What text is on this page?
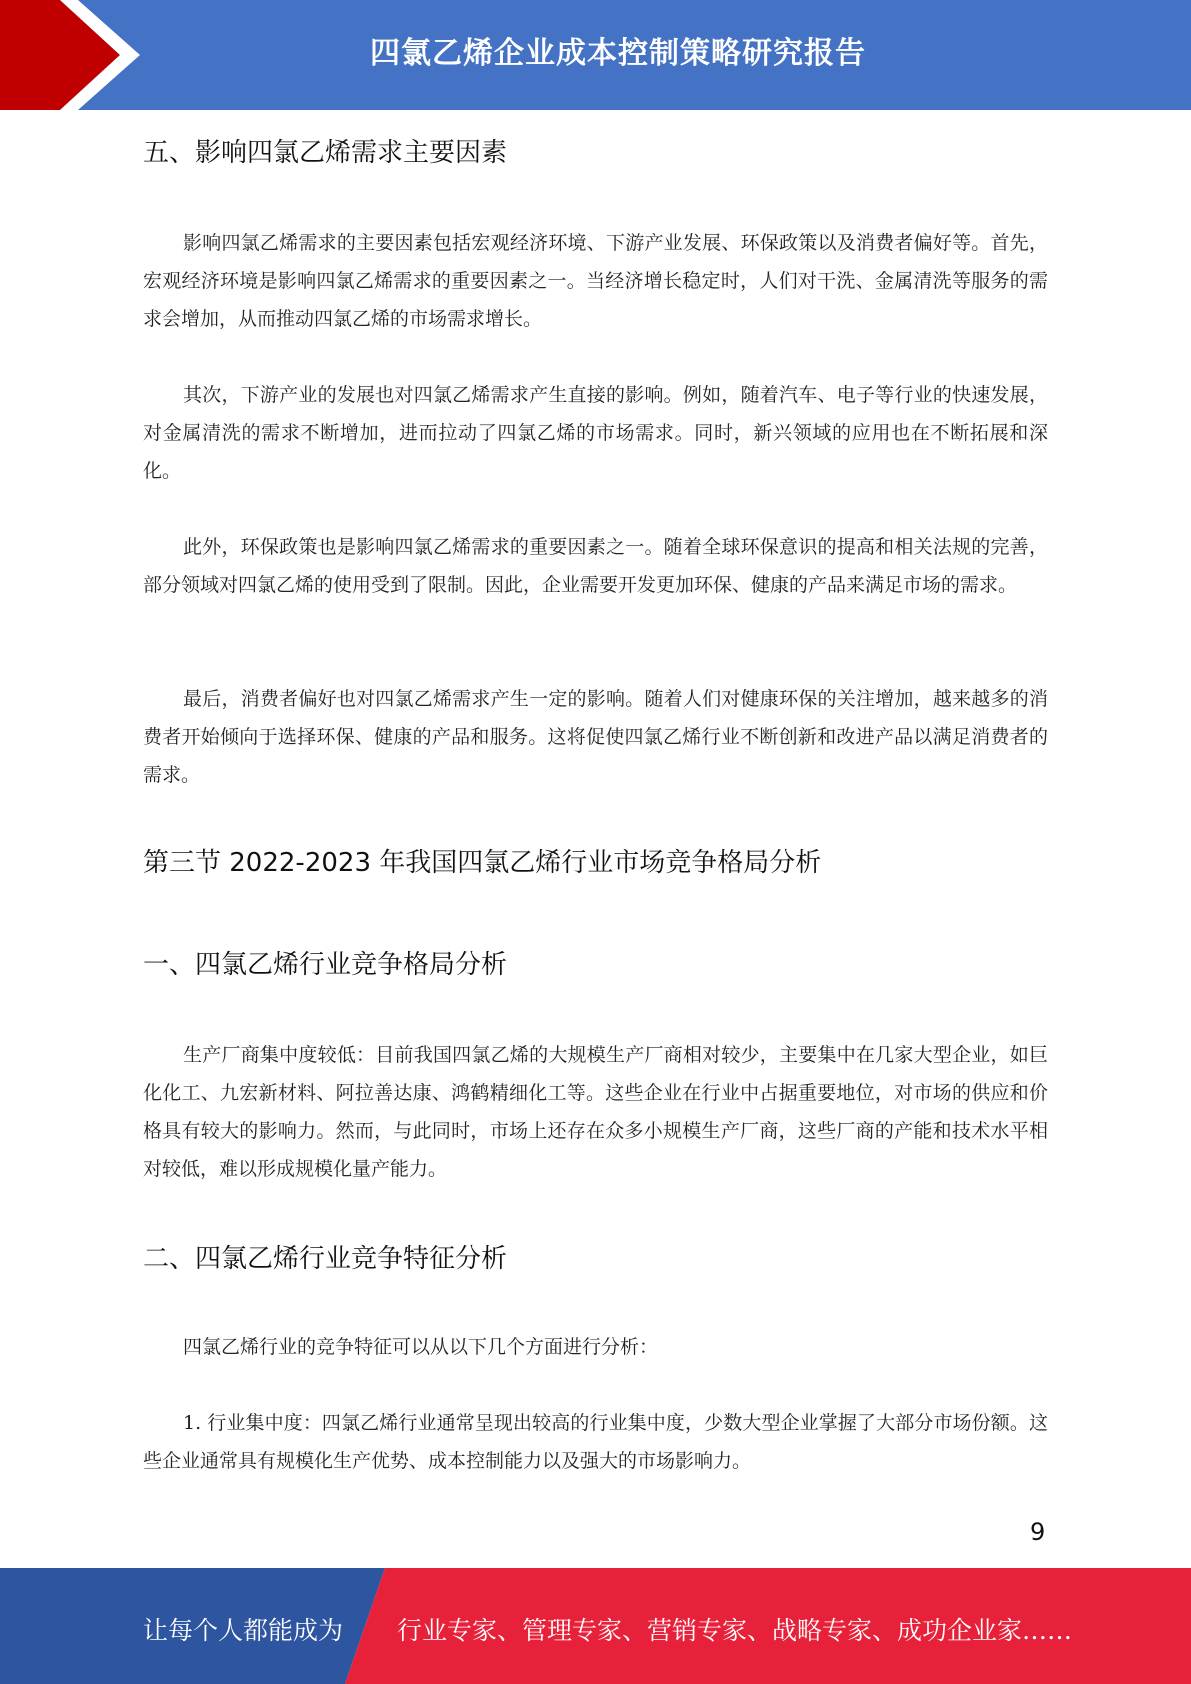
四氯乙烯企业成本控制策略研究报告
五、影响四氯乙烯需求主要因素
影响四氯乙烯需求的主要因素包括宏观经济环境、下游产业发展、环保政策以及消费者偏好等。首先，宏观经济环境是影响四氯乙烯需求的重要因素之一。当经济增长稳定时，人们对干洗、金属清洗等服务的需求会增加，从而推动四氯乙烯的市场需求增长。
其次，下游产业的发展也对四氯乙烯需求产生直接的影响。例如，随着汽车、电子等行业的快速发展，对金属清洗的需求不断增加，进而拉动了四氯乙烯的市场需求。同时，新兴领域的应用也在不断拓展和深化。
此外，环保政策也是影响四氯乙烯需求的重要因素之一。随着全球环保意识的提高和相关法规的完善，部分领域对四氯乙烯的使用受到了限制。因此，企业需要开发更加环保、健康的产品来满足市场的需求。
最后，消费者偏好也对四氯乙烯需求产生一定的影响。随着人们对健康环保的关注增加，越来越多的消费者开始倾向于选择环保、健康的产品和服务。这将促使四氯乙烯行业不断创新和改进产品以满足消费者的需求。
第三节 2022-2023 年我国四氯乙烯行业市场竞争格局分析
一、四氯乙烯行业竞争格局分析
生产厂商集中度较低：目前我国四氯乙烯的大规模生产厂商相对较少，主要集中在几家大型企业，如巨化化工、九宏新材料、阿拉善达康、鸿鹤精细化工等。这些企业在行业中占据重要地位，对市场的供应和价格具有较大的影响力。然而，与此同时，市场上还存在众多小规模生产厂商，这些厂商的产能和技术水平相对较低，难以形成规模化量产能力。
二、四氯乙烯行业竞争特征分析
四氯乙烯行业的竞争特征可以从以下几个方面进行分析：
1. 行业集中度：四氯乙烯行业通常呈现出较高的行业集中度，少数大型企业掌握了大部分市场份额。这些企业通常具有规模化生产优势、成本控制能力以及强大的市场影响力。
9
让每个人都能成为 行业专家、管理专家、营销专家、战略专家、成功企业家……
